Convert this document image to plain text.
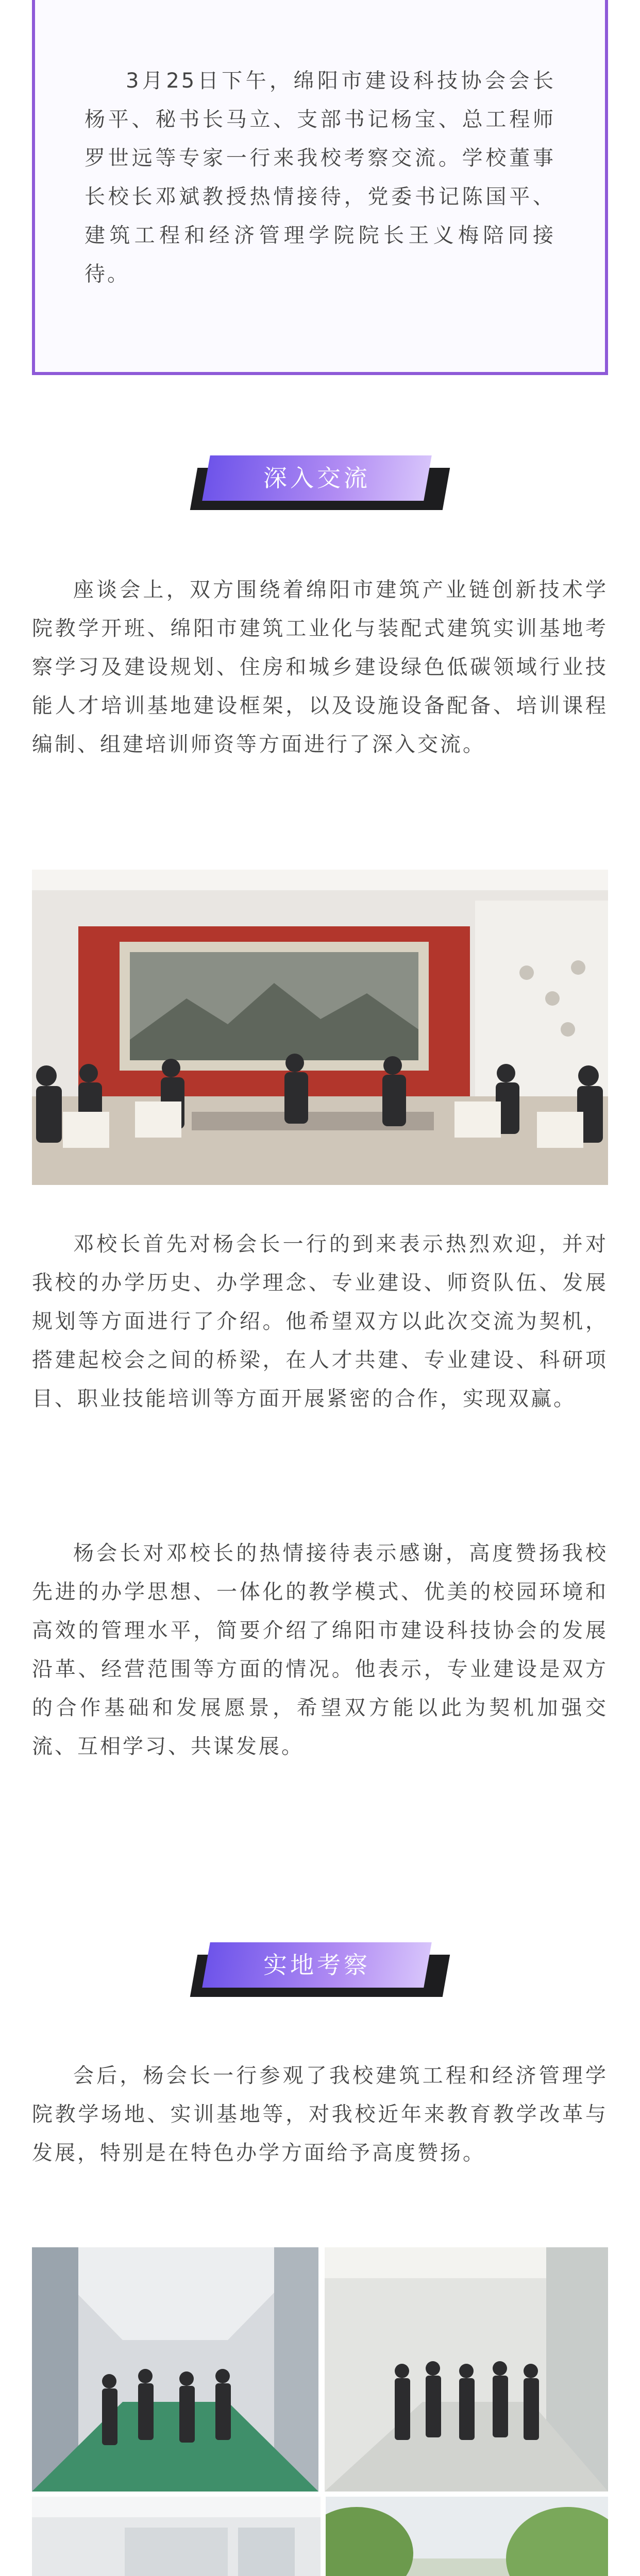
3月25日下午，绵阳市建设科技协会会长杨平、秘书长马立、支部书记杨宝、总工程师罗世远等专家一行来我校考察交流。学校董事长校长邓斌教授热情接待，党委书记陈国平、建筑工程和经济管理学院院长王义梅陪同接待。

深入交流

座谈会上，双方围绕着绵阳市建筑产业链创新技术学院教学开班、绵阳市建筑工业化与装配式建筑实训基地考察学习及建设规划、住房和城乡建设绿色低碳领域行业技能人才培训基地建设框架，以及设施设备配备、培训课程编制、组建培训师资等方面进行了深入交流。

邓校长首先对杨会长一行的到来表示热烈欢迎，并对我校的办学历史、办学理念、专业建设、师资队伍、发展规划等方面进行了介绍。他希望双方以此次交流为契机，搭建起校会之间的桥梁，在人才共建、专业建设、科研项目、职业技能培训等方面开展紧密的合作，实现双赢。

杨会长对邓校长的热情接待表示感谢，高度赞扬我校先进的办学思想、一体化的教学模式、优美的校园环境和高效的管理水平，简要介绍了绵阳市建设科技协会的发展沿革、经营范围等方面的情况。他表示，专业建设是双方的合作基础和发展愿景，希望双方能以此为契机加强交流、互相学习、共谋发展。

实地考察

会后，杨会长一行参观了我校建筑工程和经济管理学院教学场地、实训基地等，对我校近年来教育教学改革与发展，特别是在特色办学方面给予高度赞扬。
